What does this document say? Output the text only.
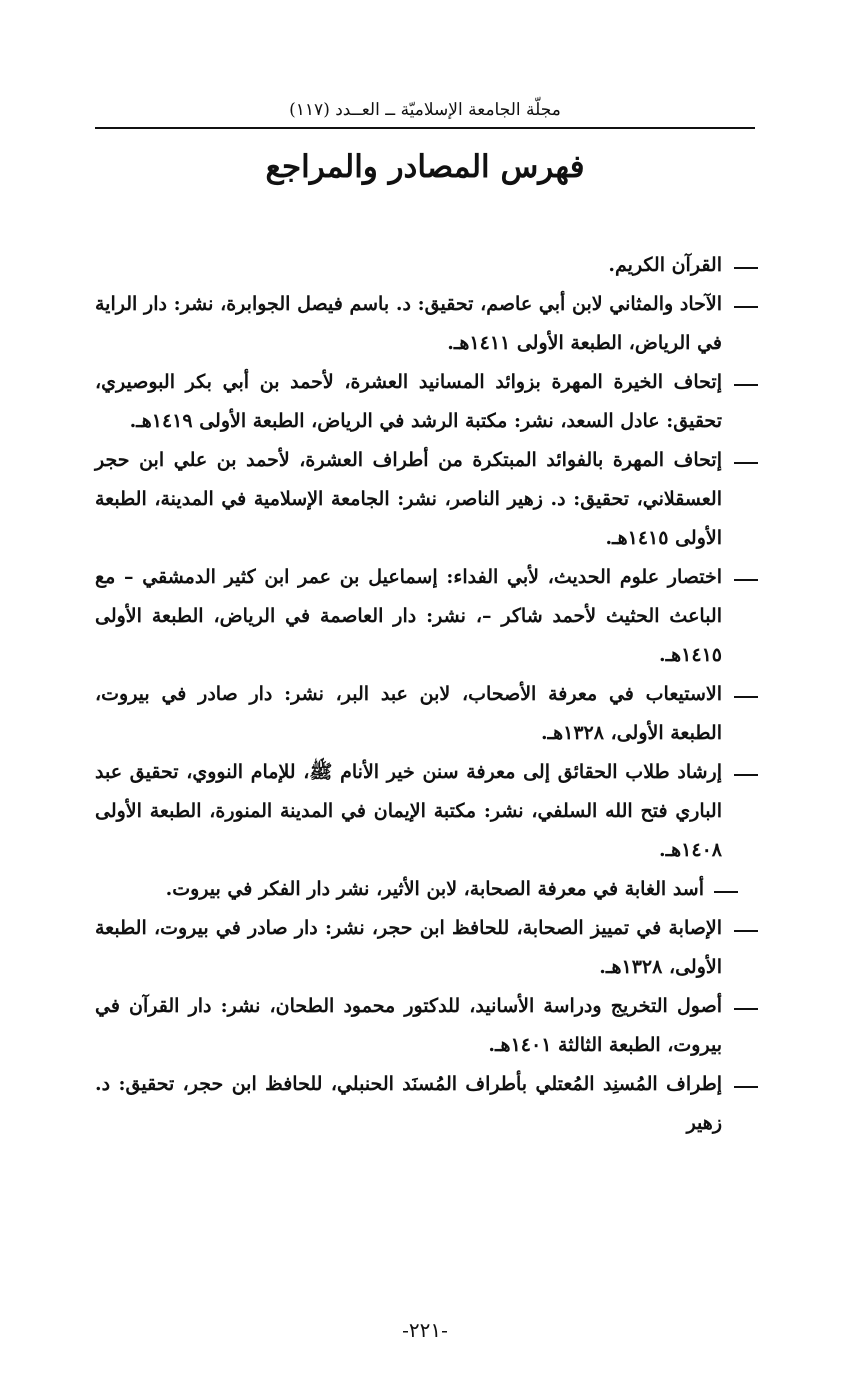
مجلّة الجامعة الإسلاميّة ــ العــدد (١١٧)
فهرس المصادر والمراجع
القرآن الكريم.
الآحاد والمثاني لابن أبي عاصم، تحقيق: د. باسم فيصل الجوابرة، نشر: دار الراية في الرياض، الطبعة الأولى ١٤١١هـ.
إتحاف الخيرة المهرة بزوائد المسانيد العشرة، لأحمد بن أبي بكر البوصيري، تحقيق: عادل السعد، نشر: مكتبة الرشد في الرياض، الطبعة الأولى ١٤١٩هـ.
إتحاف المهرة بالفوائد المبتكرة من أطراف العشرة، لأحمد بن علي ابن حجر العسقلاني، تحقيق: د. زهير الناصر، نشر: الجامعة الإسلامية في المدينة، الطبعة الأولى ١٤١٥هـ.
اختصار علوم الحديث، لأبي الفداء: إسماعيل بن عمر ابن كثير الدمشقي – مع الباعث الحثيث لأحمد شاكر –، نشر: دار العاصمة في الرياض، الطبعة الأولى ١٤١٥هـ.
الاستيعاب في معرفة الأصحاب، لابن عبد البر، نشر: دار صادر في بيروت، الطبعة الأولى، ١٣٢٨هـ.
إرشاد طلاب الحقائق إلى معرفة سنن خير الأنام ﷺ، للإمام النووي، تحقيق عبد الباري فتح الله السلفي، نشر: مكتبة الإيمان في المدينة المنورة، الطبعة الأولى ١٤٠٨هـ.
أسد الغابة في معرفة الصحابة، لابن الأثير، نشر دار الفكر في بيروت.
الإصابة في تمييز الصحابة، للحافظ ابن حجر، نشر: دار صادر في بيروت، الطبعة الأولى، ١٣٢٨هـ.
أصول التخريج ودراسة الأسانيد، للدكتور محمود الطحان، نشر: دار القرآن في بيروت، الطبعة الثالثة ١٤٠١هـ.
إطراف المُسنِد المُعتلي بأطراف المُسنَد الحنبلي، للحافظ ابن حجر، تحقيق: د. زهير
-٢٢١-
